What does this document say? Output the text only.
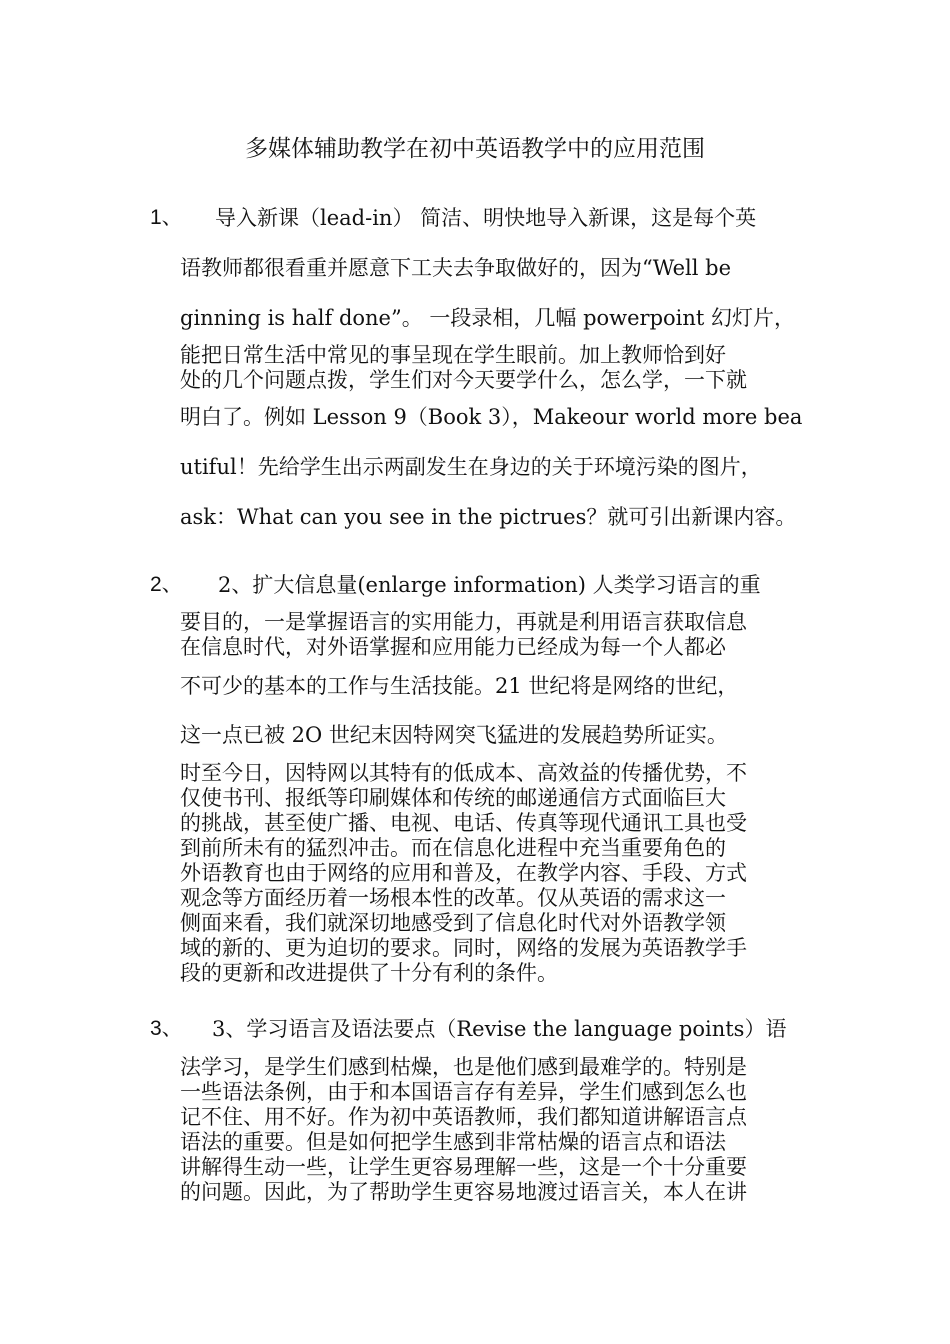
多媒体辅助教学在初中英语教学中的应用范围
1、 导入新课（lead-in） 简洁、明快地导入新课，这是每个英
语教师都很看重并愿意下工夫去争取做好的，因为“Well be
ginning is half done”。 一段录相，几幅 powerpoint 幻灯片，
能把日常生活中常见的事呈现在学生眼前。加上教师恰到好
处的几个问题点拨，学生们对今天要学什么，怎么学，一下就
明白了。例如 Lesson 9（Book 3），Makeour world more bea
utiful！先给学生出示两副发生在身边的关于环境污染的图片，
ask：What can you see in the pictrues？就可引出新课内容。
2、 2、扩大信息量(enlarge information) 人类学习语言的重
要目的，一是掌握语言的实用能力，再就是利用语言获取信息
在信息时代，对外语掌握和应用能力已经成为每一个人都必
不可少的基本的工作与生活技能。21 世纪将是网络的世纪，
这一点已被 2O 世纪末因特网突飞猛进的发展趋势所证实。
时至今日，因特网以其特有的低成本、高效益的传播优势，不
仅使书刊、报纸等印刷媒体和传统的邮递通信方式面临巨大
的挑战，甚至使广播、电视、电话、传真等现代通讯工具也受
到前所未有的猛烈冲击。而在信息化进程中充当重要角色的
外语教育也由于网络的应用和普及，在教学内容、手段、方式
观念等方面经历着一场根本性的改革。仅从英语的需求这一
侧面来看，我们就深切地感受到了信息化时代对外语教学领
域的新的、更为迫切的要求。同时，网络的发展为英语教学手
段的更新和改进提供了十分有利的条件。
3、 3、学习语言及语法要点（Revise the language points）语
法学习，是学生们感到枯燥，也是他们感到最难学的。特别是
一些语法条例，由于和本国语言存有差异，学生们感到怎么也
记不住、用不好。作为初中英语教师，我们都知道讲解语言点
语法的重要。但是如何把学生感到非常枯燥的语言点和语法
讲解得生动一些，让学生更容易理解一些，这是一个十分重要
的问题。因此，为了帮助学生更容易地渡过语言关，本人在讲
